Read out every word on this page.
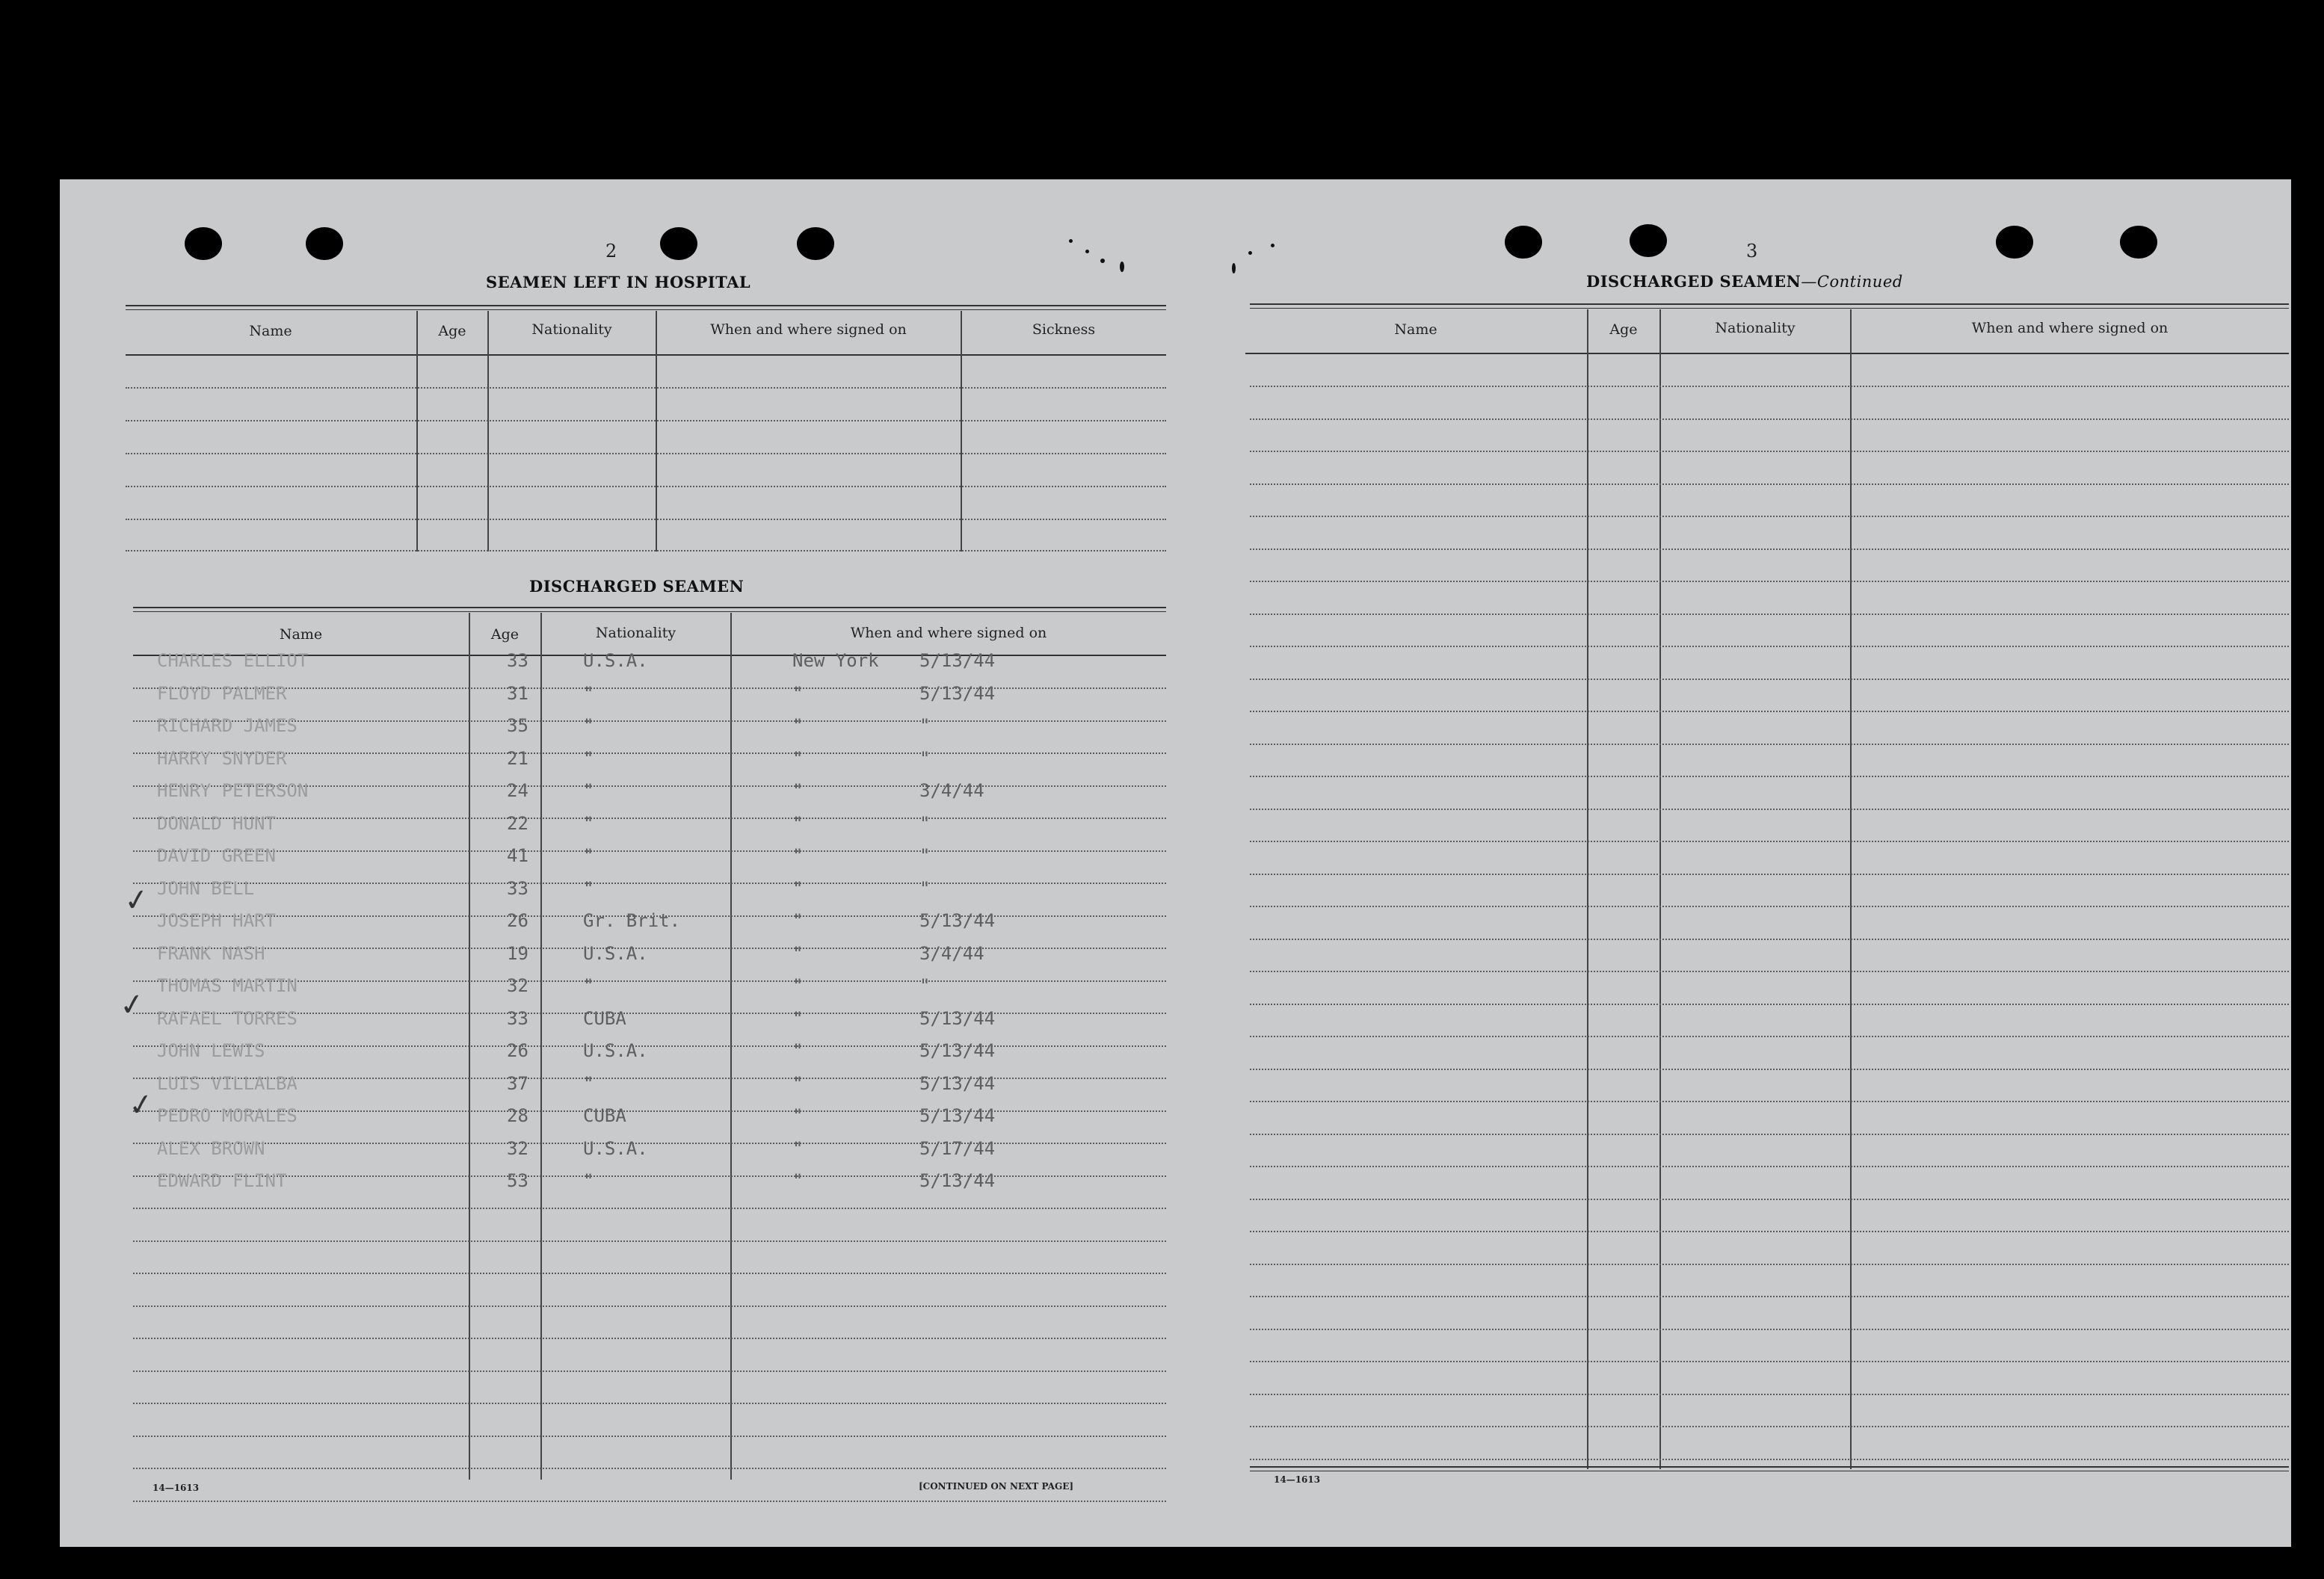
2
SEAMEN LEFT IN HOSPITAL
Name	Age	Nationality	When and where signed on	Sickness
DISCHARGED SEAMEN
Name	Age	Nationality	When and where signed on
CHARLES ELLIOT	33	U.S.A.	New York 5/13/44
FLOYD PALMER	31	"	"	5/13/44
RICHARD JAMES	35	"	"	"
HARRY SNYDER	21	"	"	"
HENRY PETERSON	24	"	"	3/4/44
DONALD HUNT	22	"	"	"
DAVID GREEN	41	"	"	"
JOHN BELL	33	"	"	"
JOSEPH HART	26	Gr. Brit.	"	5/13/44
FRANK NASH	19	U.S.A.	"	3/4/44
THOMAS MARTIN	32	"	"	"
RAFAEL TORRES	33	CUBA	"	5/13/44
JOHN LEWIS	26	U.S.A.	"	5/13/44
LUIS VILLALBA	37	"	"	5/13/44
PEDRO MORALES	28	CUBA	"	5/13/44
ALEX BROWN	32	U.S.A.	"	5/17/44
EDWARD FLINT	53	"	"	5/13/44
✓
✓
✓
14—1613	[CONTINUED ON NEXT PAGE]
3
DISCHARGED SEAMEN—Continued
Name	Age	Nationality	When and where signed on
14—1613
